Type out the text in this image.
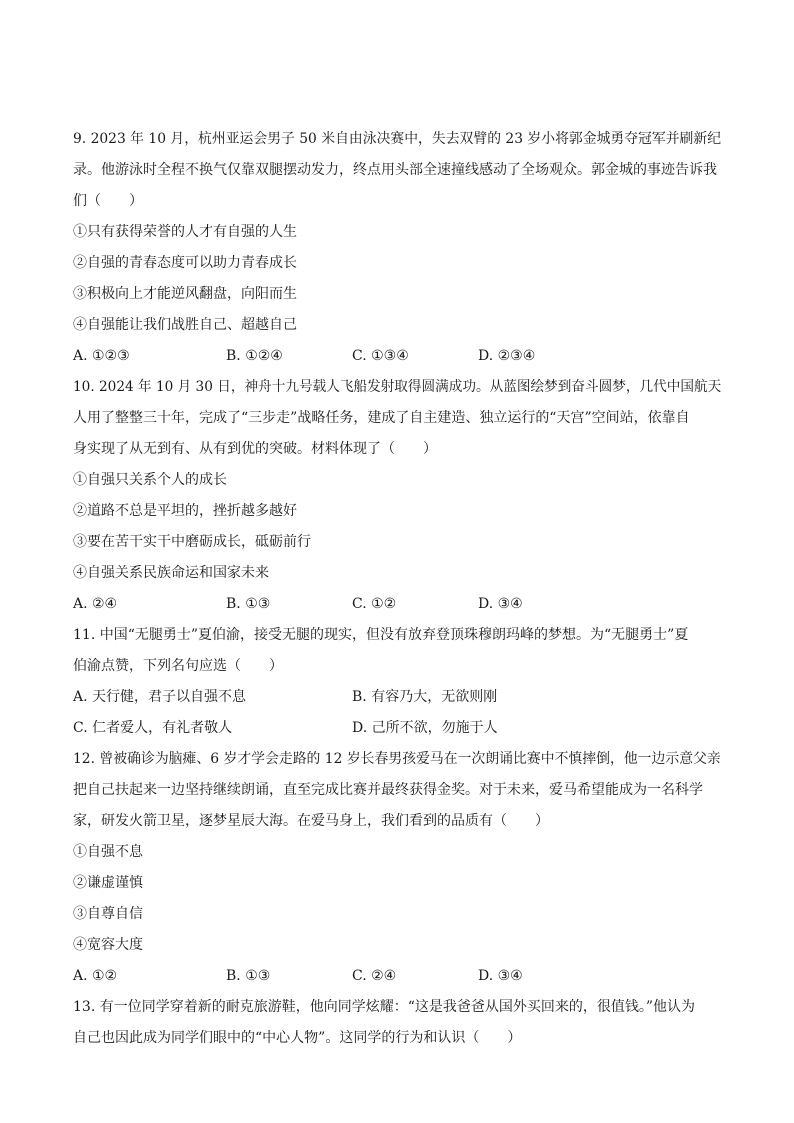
9. 2023 年 10 月，杭州亚运会男子 50 米自由泳决赛中，失去双臂的 23 岁小将郭金城勇夺冠军并刷新纪
录。他游泳时全程不换气仅靠双腿摆动发力，终点用头部全速撞线感动了全场观众。郭金城的事迹告诉我
们（　　）
①只有获得荣誉的人才有自强的人生
②自强的青春态度可以助力青春成长
③积极向上才能逆风翻盘，向阳而生
④自强能让我们战胜自己、超越自己
A. ①②③	B. ①②④	C. ①③④	D. ②③④
10. 2024 年 10 月 30 日，神舟十九号载人飞船发射取得圆满成功。从蓝图绘梦到奋斗圆梦，几代中国航天
人用了整整三十年，完成了“三步走”战略任务，建成了自主建造、独立运行的“天宫”空间站，依靠自
身实现了从无到有、从有到优的突破。材料体现了（　　）
①自强只关系个人的成长
②道路不总是平坦的，挫折越多越好
③要在苦干实干中磨砺成长，砥砺前行
④自强关系民族命运和国家未来
A. ②④	B. ①③	C. ①②	D. ③④
11. 中国“无腿勇士”夏伯渝，接受无腿的现实，但没有放弃登顶珠穆朗玛峰的梦想。为“无腿勇士”夏
伯渝点赞，下列名句应选（　　）
A. 天行健，君子以自强不息	B. 有容乃大，无欲则刚
C. 仁者爱人，有礼者敬人	D. 己所不欲，勿施于人
12. 曾被确诊为脑瘫、6 岁才学会走路的 12 岁长春男孩爱马在一次朗诵比赛中不慎摔倒，他一边示意父亲
把自己扶起来一边坚持继续朗诵，直至完成比赛并最终获得金奖。对于未来，爱马希望能成为一名科学
家，研发火箭卫星，逐梦星辰大海。在爱马身上，我们看到的品质有（　　）
①自强不息
②谦虚谨慎
③自尊自信
④宽容大度
A. ①②	B. ①③	C. ②④	D. ③④
13. 有一位同学穿着新的耐克旅游鞋，他向同学炫耀：“这是我爸爸从国外买回来的，很值钱。”他认为
自己也因此成为同学们眼中的“中心人物”。这同学的行为和认识（　　）
